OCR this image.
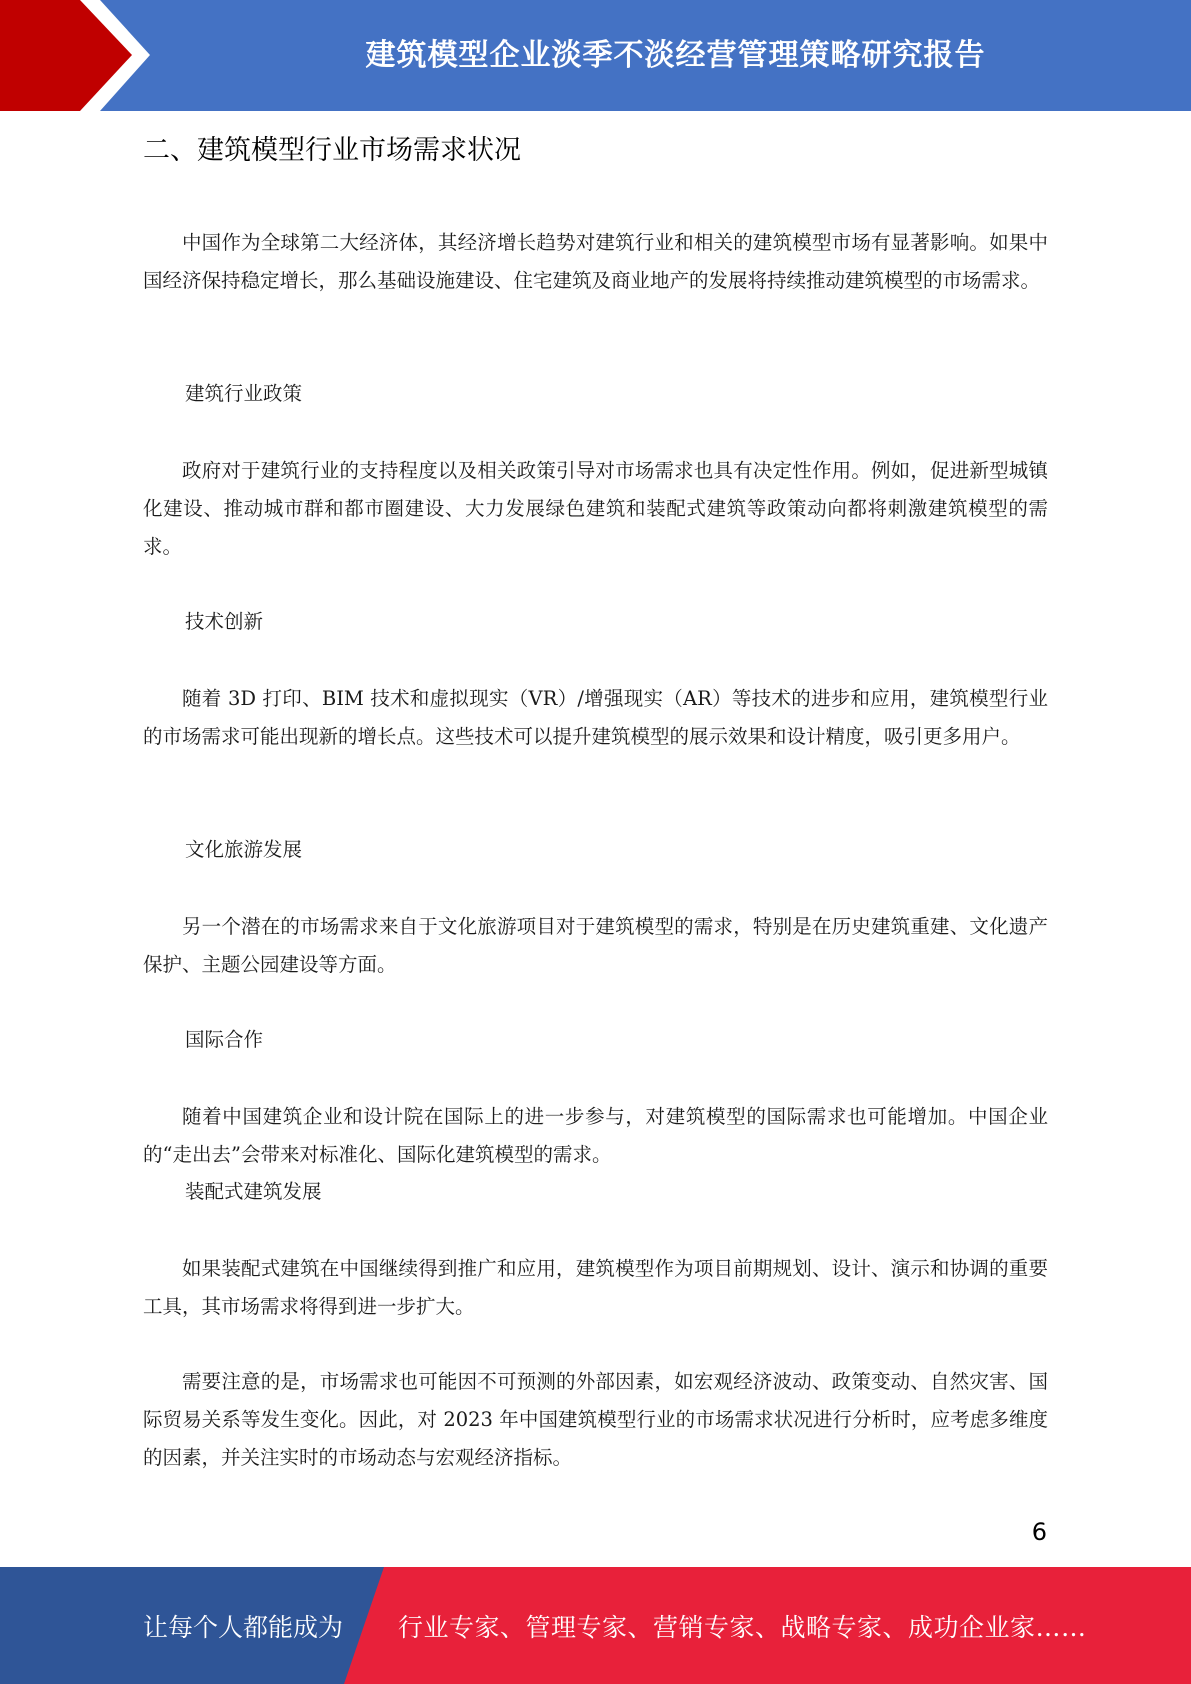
建筑模型企业淡季不淡经营管理策略研究报告
二、建筑模型行业市场需求状况
中国作为全球第二大经济体，其经济增长趋势对建筑行业和相关的建筑模型市场有显著影响。如果中国经济保持稳定增长，那么基础设施建设、住宅建筑及商业地产的发展将持续推动建筑模型的市场需求。
建筑行业政策
政府对于建筑行业的支持程度以及相关政策引导对市场需求也具有决定性作用。例如，促进新型城镇化建设、推动城市群和都市圈建设、大力发展绿色建筑和装配式建筑等政策动向都将刺激建筑模型的需求。
技术创新
随着 3D 打印、BIM 技术和虚拟现实（VR）/增强现实（AR）等技术的进步和应用，建筑模型行业的市场需求可能出现新的增长点。这些技术可以提升建筑模型的展示效果和设计精度，吸引更多用户。
文化旅游发展
另一个潜在的市场需求来自于文化旅游项目对于建筑模型的需求，特别是在历史建筑重建、文化遗产保护、主题公园建设等方面。
国际合作
随着中国建筑企业和设计院在国际上的进一步参与，对建筑模型的国际需求也可能增加。中国企业的“走出去”会带来对标准化、国际化建筑模型的需求。
装配式建筑发展
如果装配式建筑在中国继续得到推广和应用，建筑模型作为项目前期规划、设计、演示和协调的重要工具，其市场需求将得到进一步扩大。
需要注意的是，市场需求也可能因不可预测的外部因素，如宏观经济波动、政策变动、自然灾害、国际贸易关系等发生变化。因此，对 2023 年中国建筑模型行业的市场需求状况进行分析时，应考虑多维度的因素，并关注实时的市场动态与宏观经济指标。
6
让每个人都能成为 行业专家、管理专家、营销专家、战略专家、成功企业家……
